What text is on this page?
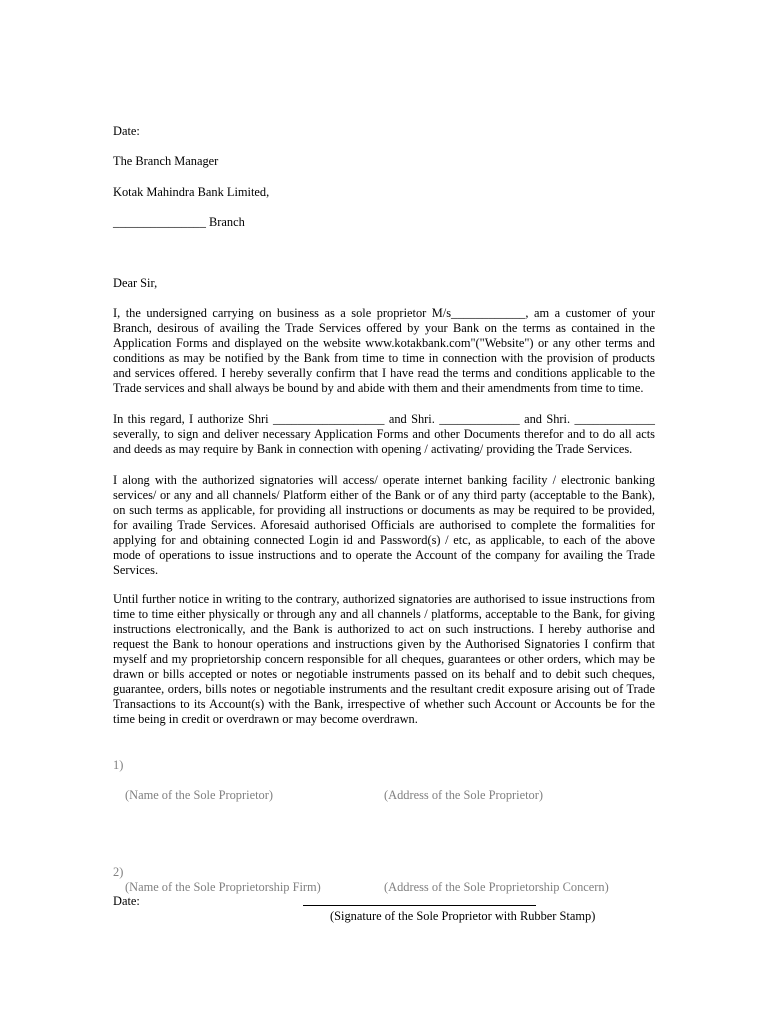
Date:
The Branch Manager
Kotak Mahindra Bank Limited,
_______________ Branch
Dear Sir,
I, the undersigned carrying on business as a sole proprietor M/s____________, am a customer of your Branch, desirous of availing the Trade Services offered by your Bank on the terms as contained in the Application Forms and displayed on the website www.kotakbank.com"("Website") or any other terms and conditions as may be notified by the Bank from time to time in connection with the provision of products and services offered. I hereby severally confirm that I have read the terms and conditions applicable to the Trade services and shall always be bound by and abide with them and their amendments from time to time.
In this regard, I authorize Shri __________________ and Shri. _____________ and Shri. _____________ severally, to sign and deliver necessary Application Forms and other Documents therefor and to do all acts and deeds as may require by Bank in connection with opening / activating/ providing the Trade Services.
I along with the authorized signatories will access/ operate internet banking facility / electronic banking services/ or any and all channels/ Platform either of the Bank or of any third party (acceptable to the Bank), on such terms as applicable, for providing all instructions or documents as may be required to be provided, for availing Trade Services. Aforesaid authorised Officials are authorised to complete the formalities for applying for and obtaining connected Login id and Password(s) / etc, as applicable, to each of the above mode of operations to issue instructions and to operate the Account of the company for availing the Trade Services.
Until further notice in writing to the contrary, authorized signatories are authorised to issue instructions from time to time either physically or through any and all channels / platforms, acceptable to the Bank, for giving instructions electronically, and the Bank is authorized to act on such instructions. I hereby authorise and request the Bank to honour operations and instructions given by the Authorised Signatories I confirm that myself and my proprietorship concern responsible for all cheques, guarantees or other orders, which may be drawn or bills accepted or notes or negotiable instruments passed on its behalf and to debit such cheques, guarantee, orders, bills notes or negotiable instruments and the resultant credit exposure arising out of Trade Transactions to its Account(s) with the Bank, irrespective of whether such Account or Accounts be for the time being in credit or overdrawn or may become overdrawn.
1)
(Name of the Sole Proprietor)	(Address of the Sole Proprietor)
2)
(Name of the Sole Proprietorship Firm)	(Address of the Sole Proprietorship Concern)
Date:
(Signature of the Sole Proprietor with Rubber Stamp)
